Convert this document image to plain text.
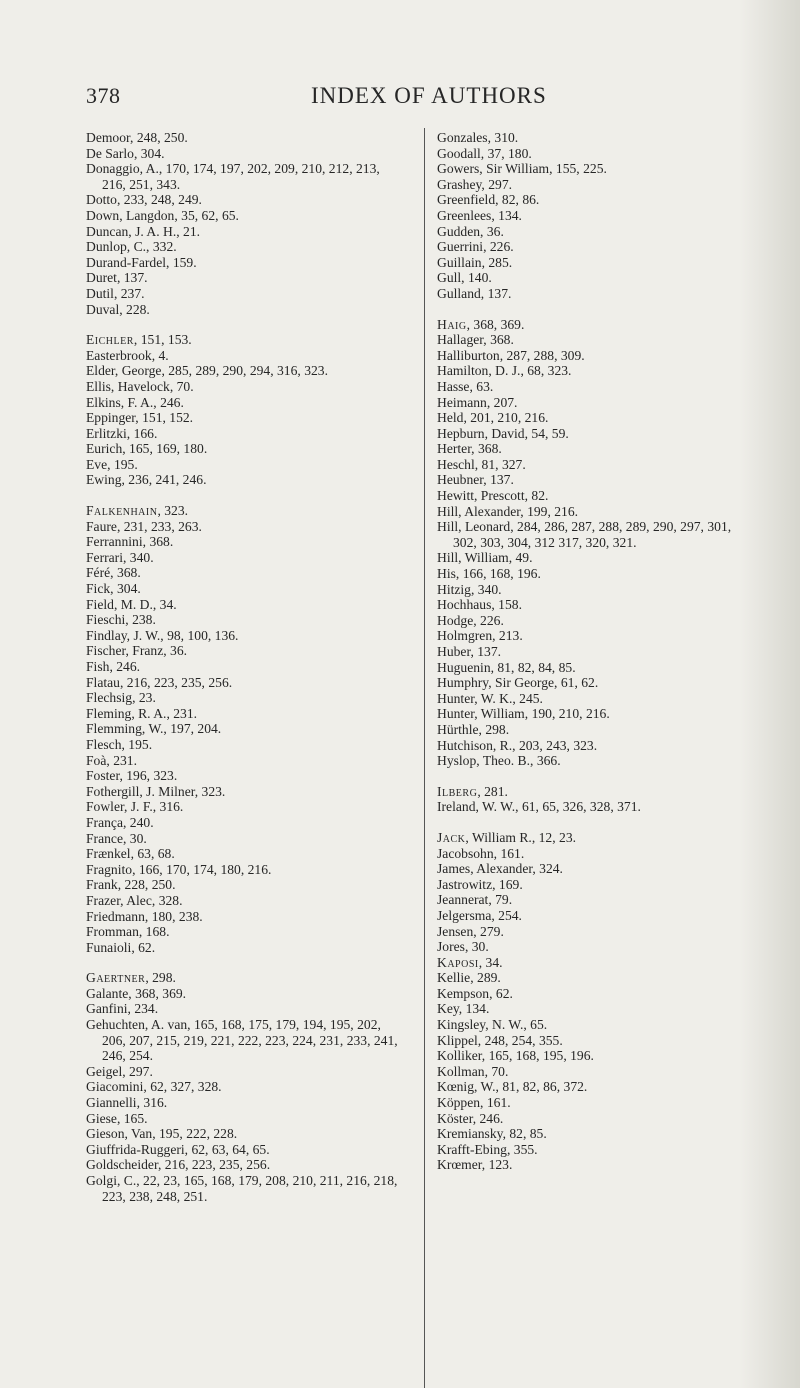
378	INDEX OF AUTHORS
Demoor, 248, 250.
De Sarlo, 304.
Donaggio, A., 170, 174, 197, 202, 209, 210, 212, 213, 216, 251, 343.
Dotto, 233, 248, 249.
Down, Langdon, 35, 62, 65.
Duncan, J. A. H., 21.
Dunlop, C., 332.
Durand-Fardel, 159.
Duret, 137.
Dutil, 237.
Duval, 228.
Eichler, 151, 153.
Easterbrook, 4.
Elder, George, 285, 289, 290, 294, 316, 323.
Ellis, Havelock, 70.
Elkins, F. A., 246.
Eppinger, 151, 152.
Erlitzki, 166.
Eurich, 165, 169, 180.
Eve, 195.
Ewing, 236, 241, 246.
Falkenhain, 323.
Faure, 231, 233, 263.
Ferrannini, 368.
Ferrari, 340.
Féré, 368.
Fick, 304.
Field, M. D., 34.
Fieschi, 238.
Findlay, J. W., 98, 100, 136.
Fischer, Franz, 36.
Fish, 246.
Flatau, 216, 223, 235, 256.
Flechsig, 23.
Fleming, R. A., 231.
Flemming, W., 197, 204.
Flesch, 195.
Foà, 231.
Foster, 196, 323.
Fothergill, J. Milner, 323.
Fowler, J. F., 316.
França, 240.
France, 30.
Frænkel, 63, 68.
Fragnito, 166, 170, 174, 180, 216.
Frank, 228, 250.
Frazer, Alec, 328.
Friedmann, 180, 238.
Fromman, 168.
Funaioli, 62.
Gaertner, 298.
Galante, 368, 369.
Ganfini, 234.
Gehuchten, A. van, 165, 168, 175, 179, 194, 195, 202, 206, 207, 215, 219, 221, 222, 223, 224, 231, 233, 241, 246, 254.
Geigel, 297.
Giacomini, 62, 327, 328.
Giannelli, 316.
Giese, 165.
Gieson, Van, 195, 222, 228.
Giuffrida-Ruggeri, 62, 63, 64, 65.
Goldscheider, 216, 223, 235, 256.
Golgi, C., 22, 23, 165, 168, 179, 208, 210, 211, 216, 218, 223, 238, 248, 251.
Gonzales, 310.
Goodall, 37, 180.
Gowers, Sir William, 155, 225.
Grashey, 297.
Greenfield, 82, 86.
Greenlees, 134.
Gudden, 36.
Guerrini, 226.
Guillain, 285.
Gull, 140.
Gulland, 137.
Haig, 368, 369.
Hallager, 368.
Halliburton, 287, 288, 309.
Hamilton, D. J., 68, 323.
Hasse, 63.
Heimann, 207.
Held, 201, 210, 216.
Hepburn, David, 54, 59.
Herter, 368.
Heschl, 81, 327.
Heubner, 137.
Hewitt, Prescott, 82.
Hill, Alexander, 199, 216.
Hill, Leonard, 284, 286, 287, 288, 289, 290, 297, 301, 302, 303, 304, 312 317, 320, 321.
Hill, William, 49.
His, 166, 168, 196.
Hitzig, 340.
Hochhaus, 158.
Hodge, 226.
Holmgren, 213.
Huber, 137.
Huguenin, 81, 82, 84, 85.
Humphry, Sir George, 61, 62.
Hunter, W. K., 245.
Hunter, William, 190, 210, 216.
Hürthle, 298.
Hutchison, R., 203, 243, 323.
Hyslop, Theo. B., 366.
Ilberg, 281.
Ireland, W. W., 61, 65, 326, 328, 371.
Jack, William R., 12, 23.
Jacobsohn, 161.
James, Alexander, 324.
Jastrowitz, 169.
Jeannerat, 79.
Jelgersma, 254.
Jensen, 279.
Jores, 30.
Kaposi, 34.
Kellie, 289.
Kempson, 62.
Key, 134.
Kingsley, N. W., 65.
Klippel, 248, 254, 355.
Kolliker, 165, 168, 195, 196.
Kollman, 70.
Kœnig, W., 81, 82, 86, 372.
Köppen, 161.
Köster, 246.
Kremiansky, 82, 85.
Krafft-Ebing, 355.
Krœmer, 123.
